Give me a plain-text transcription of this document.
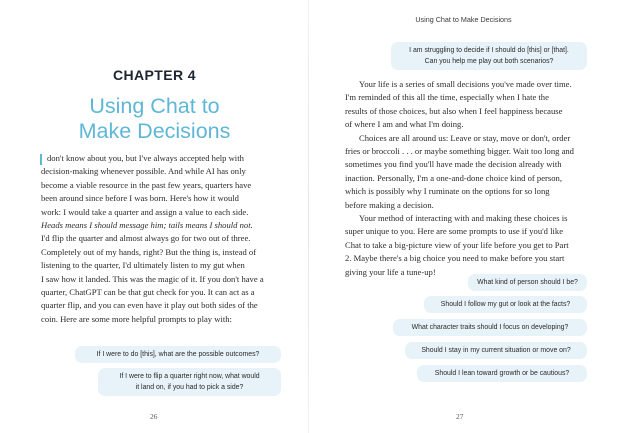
CHAPTER 4
Using Chat to
Make Decisions
don't know about you, but I've always accepted help with
decision-making whenever possible. And while AI has only
become a viable resource in the past few years, quarters have
been around since before I was born. Here's how it would
work: I would take a quarter and assign a value to each side.
Heads means I should message him; tails means I should not.
I'd flip the quarter and almost always go for two out of three.
Completely out of my hands, right? But the thing is, instead of
listening to the quarter, I'd ultimately listen to my gut when
I saw how it landed. This was the magic of it. If you don't have a
quarter, ChatGPT can be that gut check for you. It can act as a
quarter flip, and you can even have it play out both sides of the
coin. Here are some more helpful prompts to play with:
If I were to do [this], what are the possible outcomes?
If I were to flip a quarter right now, what would
it land on, if you had to pick a side?
26
Using Chat to Make Decisions
I am struggling to decide if I should do [this] or [that].
Can you help me play out both scenarios?
Your life is a series of small decisions you've made over time.
I'm reminded of this all the time, especially when I hate the
results of those choices, but also when I feel happiness because
of where I am and what I'm doing.
Choices are all around us: Leave or stay, move or don't, order
fries or broccoli . . . or maybe something bigger. Wait too long and
sometimes you find you'll have made the decision already with
inaction. Personally, I'm a one-and-done choice kind of person,
which is possibly why I ruminate on the options for so long
before making a decision.
Your method of interacting with and making these choices is
super unique to you. Here are some prompts to use if you'd like
Chat to take a big-picture view of your life before you get to Part
2. Maybe there's a big choice you need to make before you start
giving your life a tune-up!
What kind of person should I be?
Should I follow my gut or look at the facts?
What character traits should I focus on developing?
Should I stay in my current situation or move on?
Should I lean toward growth or be cautious?
27
